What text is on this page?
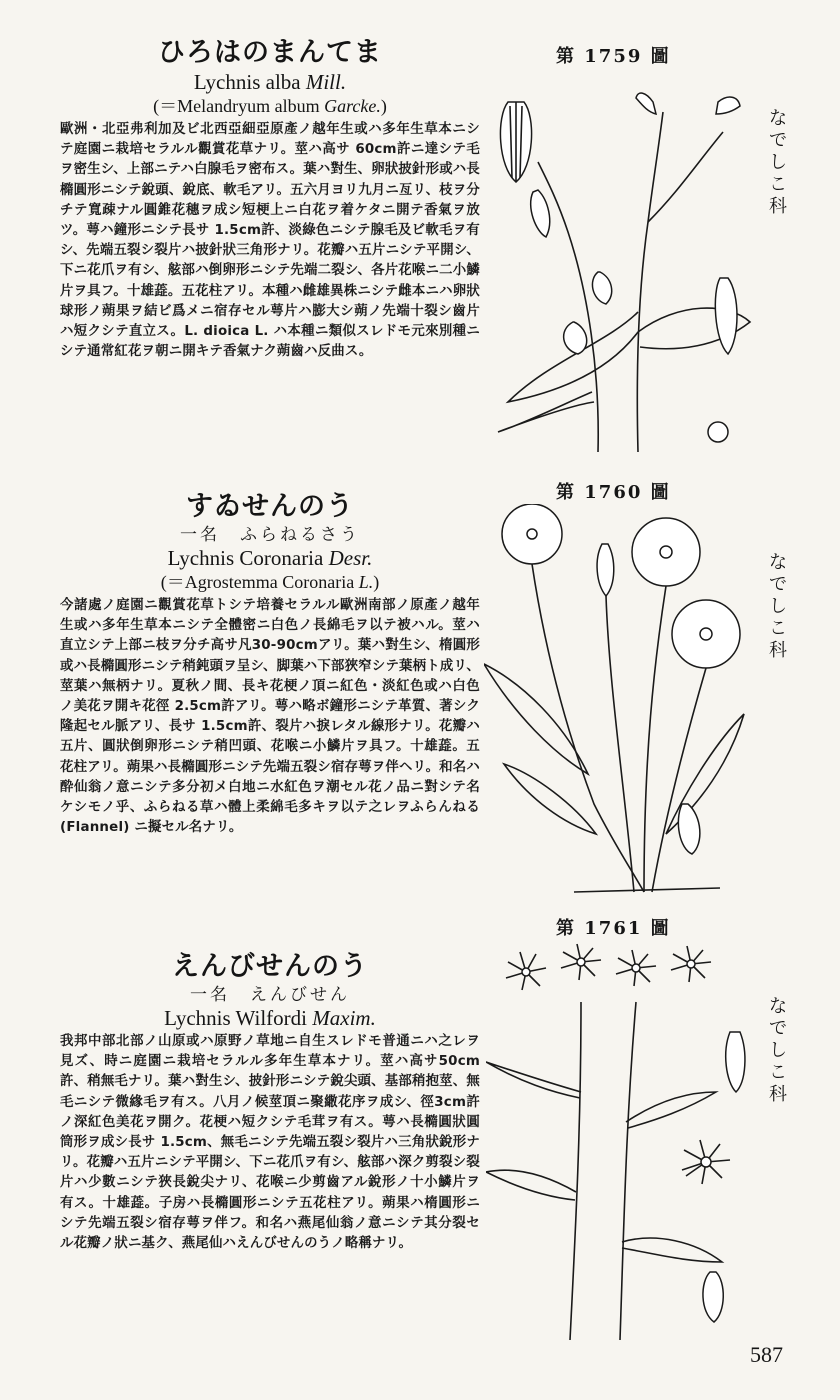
ひろはのまんてま
Lychnis alba Mill.
(＝Melandryum album Garcke.)
歐洲・北亞弗利加及ビ北西亞細亞原產ノ越年生或ハ多年生草本ニシテ庭園ニ栽培セラルル觀賞花草ナリ。莖ハ高サ 60cm許ニ達シテ毛ヲ密生シ、上部ニテハ白腺毛ヲ密布ス。葉ハ對生、卵狀披針形或ハ長橢圓形ニシテ銳頭、銳底、軟毛アリ。五六月ヨリ九月ニ亙リ、枝ヲ分チテ寬疎ナル圓錐花穗ヲ成シ短梗上ニ白花ヲ着ケタニ開テ香氣ヲ放ツ。萼ハ鐘形ニシテ長サ 1.5cm許、淡綠色ニシテ腺毛及ビ軟毛ヲ有シ、先端五裂シ裂片ハ披針狀三角形ナリ。花瓣ハ五片ニシテ平開シ、下ニ花爪ヲ有シ、舷部ハ倒卵形ニシテ先端二裂シ、各片花喉ニ二小鱗片ヲ具フ。十雄蕋。五花柱アリ。本種ハ雌雄異株ニシテ雌本ニハ卵狀球形ノ蒴果ヲ結ビ爲メニ宿存セル萼片ハ膨大シ蒴ノ先端十裂シ齒片ハ短クシテ直立ス。L. dioica L. ハ本種ニ類似スレドモ元來別種ニシテ通常紅花ヲ朝ニ開キテ香氣ナク蒴齒ハ反曲ス。
第 1759 圖
なでしこ科
すゐせんのう
一名　ふらねるさう
Lychnis Coronaria Desr.
(＝Agrostemma Coronaria L.)
今諸處ノ庭園ニ觀賞花草トシテ培養セラルル歐洲南部ノ原產ノ越年生或ハ多年生草本ニシテ全體密ニ白色ノ長綿毛ヲ以テ被ハル。莖ハ直立シテ上部ニ枝ヲ分チ高サ凡30-90cmアリ。葉ハ對生シ、楕圓形或ハ長橢圓形ニシテ稍鈍頭ヲ呈シ、脚葉ハ下部狹窄シテ葉柄ト成リ、莖葉ハ無柄ナリ。夏秋ノ間、長キ花梗ノ頂ニ紅色・淡紅色或ハ白色ノ美花ヲ開キ花徑 2.5cm許アリ。萼ハ略ボ鐘形ニシテ革質、著シク隆起セル脈アリ、長サ 1.5cm許、裂片ハ捩レタル線形ナリ。花瓣ハ五片、圓狀倒卵形ニシテ稍凹頭、花喉ニ小鱗片ヲ具フ。十雄蕋。五花柱アリ。蒴果ハ長橢圓形ニシテ先端五裂シ宿存萼ヲ伴ヘリ。和名ハ酔仙翁ノ意ニシテ多分初メ白地ニ水紅色ヲ潮セル花ノ品ニ對シテ名ケシモノ乎、ふらねる草ハ體上柔綿毛多キヲ以テ之レヲふらんねる (Flannel) ニ擬セル名ナリ。
第 1760 圖
なでしこ科
えんびせんのう
一名　えんびせん
Lychnis Wilfordi Maxim.
我邦中部北部ノ山原或ハ原野ノ草地ニ自生スレドモ普通ニハ之レヲ見ズ、時ニ庭園ニ栽培セラルル多年生草本ナリ。莖ハ高サ50cm許、稍無毛ナリ。葉ハ對生シ、披針形ニシテ銳尖頭、基部稍抱莖、無毛ニシテ微緣毛ヲ有ス。八月ノ候莖頂ニ聚繖花序ヲ成シ、徑3cm許ノ深紅色美花ヲ開ク。花梗ハ短クシテ毛茸ヲ有ス。萼ハ長橢圓狀圓筒形ヲ成シ長サ 1.5cm、無毛ニシテ先端五裂シ裂片ハ三角狀銳形ナリ。花瓣ハ五片ニシテ平開シ、下ニ花爪ヲ有シ、舷部ハ深ク剪裂シ裂片ハ少數ニシテ狹長銳尖ナリ、花喉ニ少剪齒アル銳形ノ十小鱗片ヲ有ス。十雄蕋。子房ハ長橢圓形ニシテ五花柱アリ。蒴果ハ楕圓形ニシテ先端五裂シ宿存萼ヲ伴フ。和名ハ燕尾仙翁ノ意ニシテ其分裂セル花瓣ノ狀ニ基ク、燕尾仙ハえんびせんのうノ略稱ナリ。
第 1761 圖
なでしこ科
587
